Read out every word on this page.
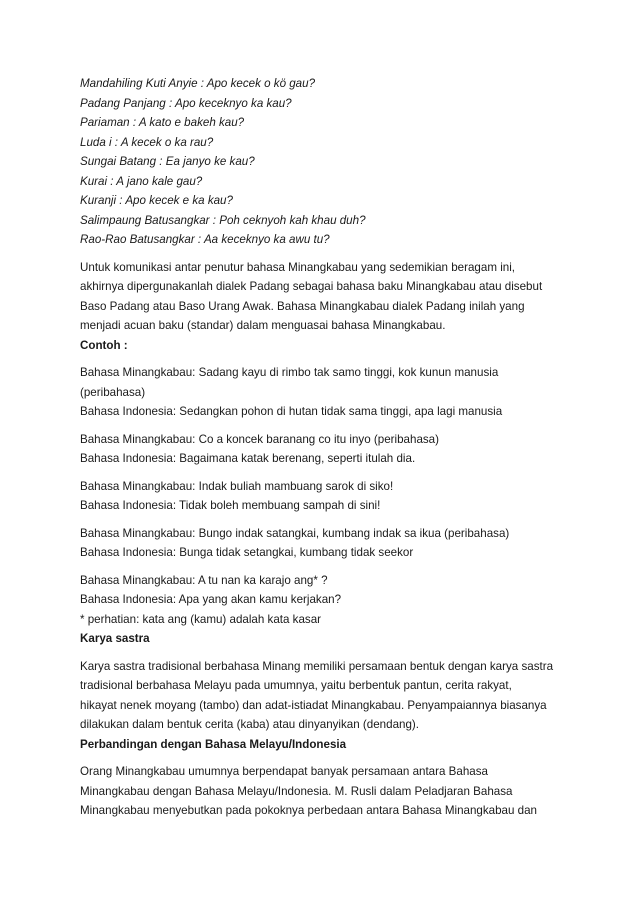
Mandahiling Kuti Anyie : Apo kecek o kö gau?

Padang Panjang : Apo keceknyo ka kau?

Pariaman : A kato e bakeh kau?

Luda i : A kecek o ka rau?

Sungai Batang : Ea janyo ke kau?

Kurai : A jano kale gau?

Kuranji : Apo kecek e ka kau?

Salimpaung Batusangkar : Poh ceknyoh kah khau duh?

Rao-Rao Batusangkar : Aa keceknyo ka awu tu?

Untuk komunikasi antar penutur bahasa Minangkabau yang sedemikian beragam ini,

akhirnya dipergunakanlah dialek Padang sebagai bahasa baku Minangkabau atau disebut

Baso Padang atau Baso Urang Awak. Bahasa Minangkabau dialek Padang inilah yang

menjadi acuan baku (standar) dalam menguasai bahasa Minangkabau.

Contoh :

Bahasa Minangkabau: Sadang kayu di rimbo tak samo tinggi, kok kunun manusia

(peribahasa)

Bahasa Indonesia: Sedangkan pohon di hutan tidak sama tinggi, apa lagi manusia

Bahasa Minangkabau: Co a koncek baranang co itu inyo (peribahasa)

Bahasa Indonesia: Bagaimana katak berenang, seperti itulah dia.

Bahasa Minangkabau: Indak buliah mambuang sarok di siko!

Bahasa Indonesia: Tidak boleh membuang sampah di sini!

Bahasa Minangkabau: Bungo indak satangkai, kumbang indak sa ikua (peribahasa)

Bahasa Indonesia: Bunga tidak setangkai, kumbang tidak seekor

Bahasa Minangkabau: A tu nan ka karajo ang* ?

Bahasa Indonesia: Apa yang akan kamu kerjakan?

* perhatian: kata ang (kamu) adalah kata kasar

Karya sastra

Karya sastra tradisional berbahasa Minang memiliki persamaan bentuk dengan karya sastra

tradisional berbahasa Melayu pada umumnya, yaitu berbentuk pantun, cerita rakyat,

hikayat nenek moyang (tambo) dan adat-istiadat Minangkabau. Penyampaiannya biasanya

dilakukan dalam bentuk cerita (kaba) atau dinyanyikan (dendang).

Perbandingan dengan Bahasa Melayu/Indonesia

Orang Minangkabau umumnya berpendapat banyak persamaan antara Bahasa

Minangkabau dengan Bahasa Melayu/Indonesia. M. Rusli dalam Peladjaran Bahasa

Minangkabau menyebutkan pada pokoknya perbedaan antara Bahasa Minangkabau dan
